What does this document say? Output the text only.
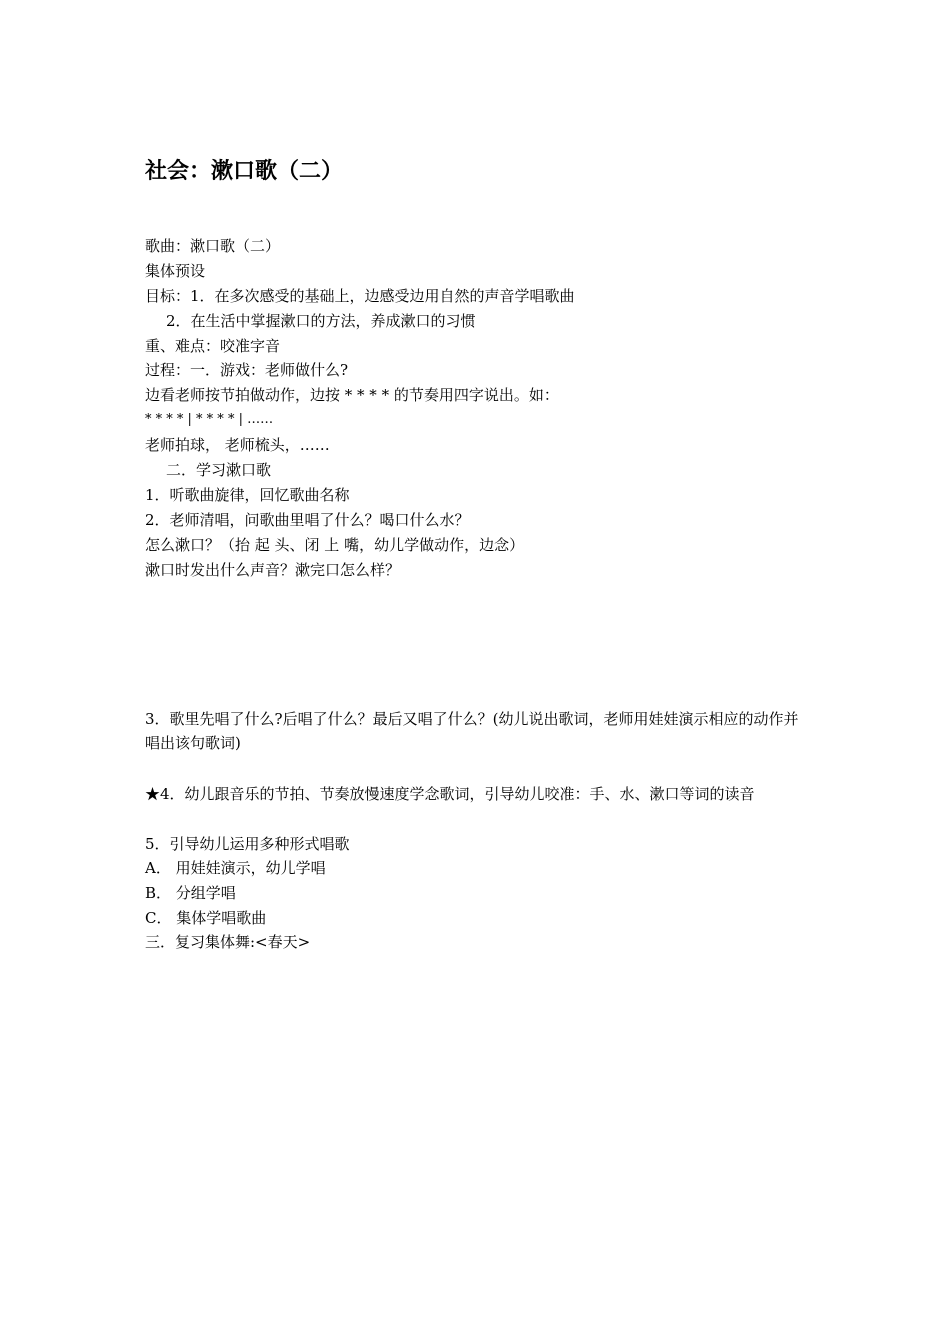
社会：漱口歌（二）
歌曲：漱口歌（二）
集体预设
目标：1．在多次感受的基础上，边感受边用自然的声音学唱歌曲
2．在生活中掌握漱口的方法，养成漱口的习惯
重、难点：咬准字音
过程：一．游戏：老师做什么?
边看老师按节拍做动作，边按 * * * * 的节奏用四字说出。如：
* * * * | * * * * | ……
老师拍球， 老师梳头，……
二．学习漱口歌
1．听歌曲旋律，回忆歌曲名称
2．老师清唱，问歌曲里唱了什么？喝口什么水？
怎么漱口？（抬 起 头、闭 上 嘴，幼儿学做动作，边念）
漱口时发出什么声音？漱完口怎么样？
3．歌里先唱了什么?后唱了什么？最后又唱了什么？(幼儿说出歌词，老师用娃娃演示相应的动作并唱出该句歌词)
★4．幼儿跟音乐的节拍、节奏放慢速度学念歌词，引导幼儿咬准：手、水、漱口等词的读音
5．引导幼儿运用多种形式唱歌
A． 用娃娃演示，幼儿学唱
B． 分组学唱
C． 集体学唱歌曲
三．复习集体舞:<春天>
